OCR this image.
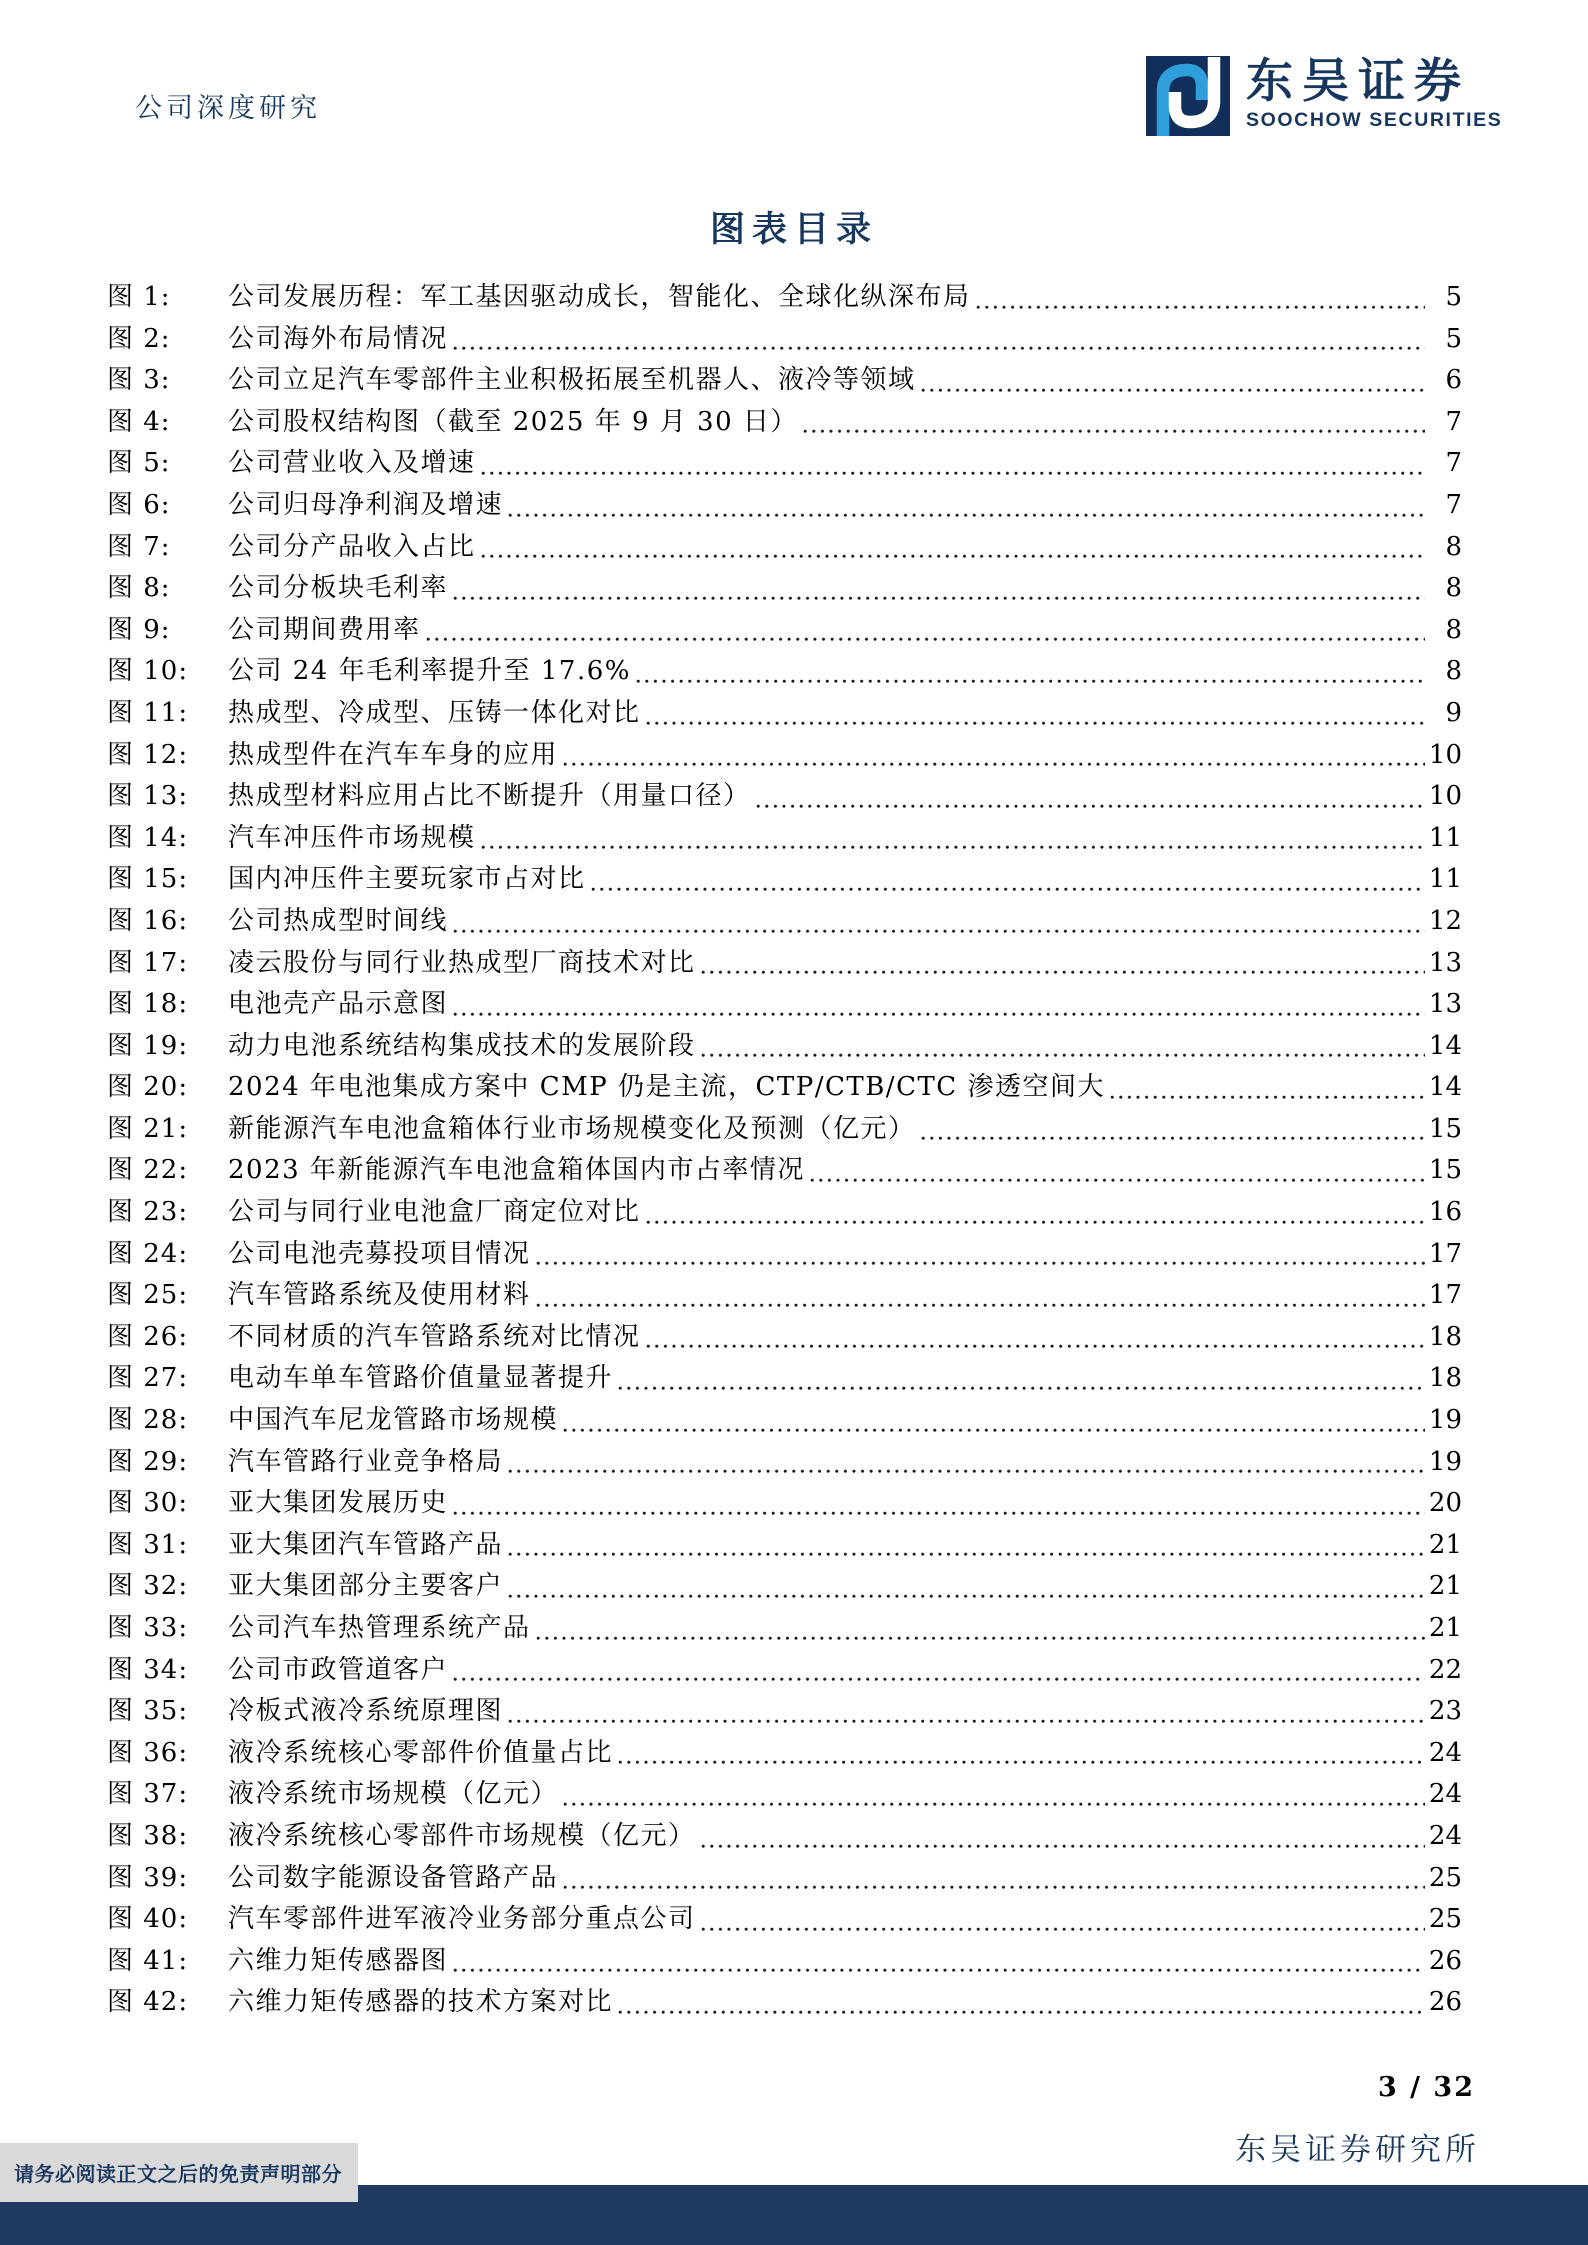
公司深度研究	东吴证券
SOOCHOW SECURITIES
图表目录
图 1:	公司发展历程：军工基因驱动成长，智能化、全球化纵深布局	5
图 2:	公司海外布局情况	5
图 3:	公司立足汽车零部件主业积极拓展至机器人、液冷等领域	6
图 4:	公司股权结构图（截至 2025 年 9 月 30 日）	7
图 5:	公司营业收入及增速	7
图 6:	公司归母净利润及增速	7
图 7:	公司分产品收入占比	8
图 8:	公司分板块毛利率	8
图 9:	公司期间费用率	8
图 10:	公司 24 年毛利率提升至 17.6%	8
图 11:	热成型、冷成型、压铸一体化对比	9
图 12:	热成型件在汽车车身的应用	10
图 13:	热成型材料应用占比不断提升（用量口径）	10
图 14:	汽车冲压件市场规模	11
图 15:	国内冲压件主要玩家市占对比	11
图 16:	公司热成型时间线	12
图 17:	凌云股份与同行业热成型厂商技术对比	13
图 18:	电池壳产品示意图	13
图 19:	动力电池系统结构集成技术的发展阶段	14
图 20:	2024 年电池集成方案中 CMP 仍是主流，CTP/CTB/CTC 渗透空间大	14
图 21:	新能源汽车电池盒箱体行业市场规模变化及预测（亿元）	15
图 22:	2023 年新能源汽车电池盒箱体国内市占率情况	15
图 23:	公司与同行业电池盒厂商定位对比	16
图 24:	公司电池壳募投项目情况	17
图 25:	汽车管路系统及使用材料	17
图 26:	不同材质的汽车管路系统对比情况	18
图 27:	电动车单车管路价值量显著提升	18
图 28:	中国汽车尼龙管路市场规模	19
图 29:	汽车管路行业竞争格局	19
图 30:	亚大集团发展历史	20
图 31:	亚大集团汽车管路产品	21
图 32:	亚大集团部分主要客户	21
图 33:	公司汽车热管理系统产品	21
图 34:	公司市政管道客户	22
图 35:	冷板式液冷系统原理图	23
图 36:	液冷系统核心零部件价值量占比	24
图 37:	液冷系统市场规模（亿元）	24
图 38:	液冷系统核心零部件市场规模（亿元）	24
图 39:	公司数字能源设备管路产品	25
图 40:	汽车零部件进军液冷业务部分重点公司	25
图 41:	六维力矩传感器图	26
图 42:	六维力矩传感器的技术方案对比	26
3 / 32
东吴证券研究所
请务必阅读正文之后的免责声明部分
